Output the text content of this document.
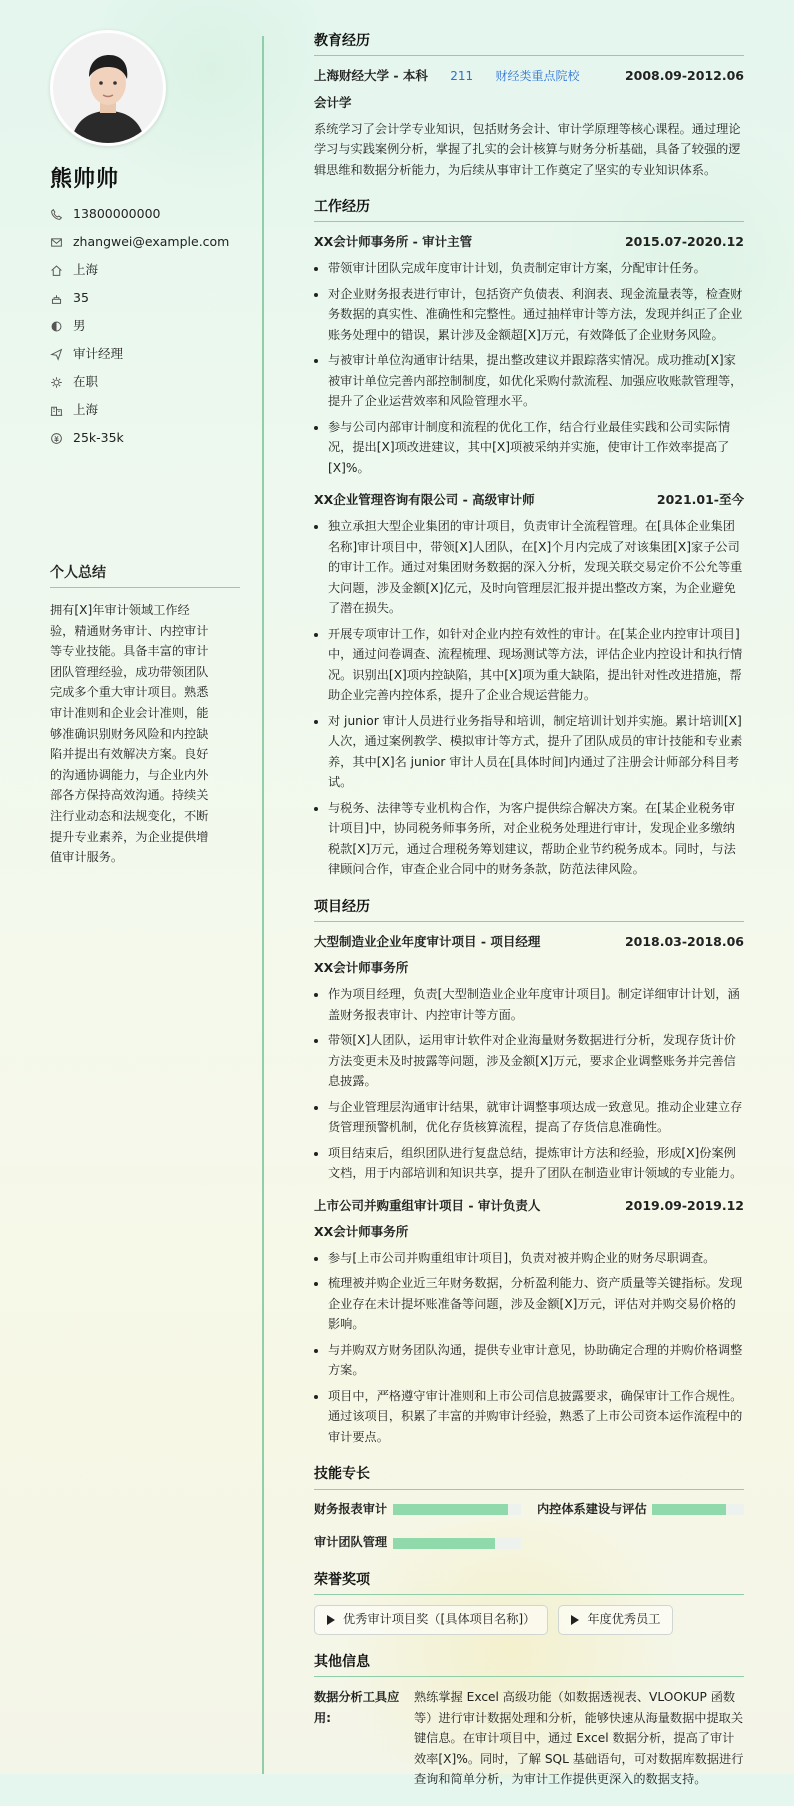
熊帅帅
13800000000
zhangwei@example.com
上海
35
男
审计经理
在职
上海
25k-35k
个人总结
拥有[X]年审计领域工作经验，精通财务审计、内控审计等专业技能。具备丰富的审计团队管理经验，成功带领团队完成多个重大审计项目。熟悉审计准则和企业会计准则，能够准确识别财务风险和内控缺陷并提出有效解决方案。良好的沟通协调能力，与企业内外部各方保持高效沟通。持续关注行业动态和法规变化，不断提升专业素养，为企业提供增值审计服务。
教育经历
上海财经大学 - 本科 211 财经类重点院校	2008.09-2012.06
会计学

系统学习了会计学专业知识，包括财务会计、审计学原理等核心课程。通过理论学习与实践案例分析，掌握了扎实的会计核算与财务分析基础，具备了较强的逻辑思维和数据分析能力，为后续从事审计工作奠定了坚实的专业知识体系。

工作经历
XX会计师事务所 - 审计主管	2015.07-2020.12
• 带领审计团队完成年度审计计划，负责制定审计方案，分配审计任务。
• 对企业财务报表进行审计，包括资产负债表、利润表、现金流量表等，检查财务数据的真实性、准确性和完整性。通过抽样审计等方法，发现并纠正了企业账务处理中的错误，累计涉及金额超[X]万元，有效降低了企业财务风险。
• 与被审计单位沟通审计结果，提出整改建议并跟踪落实情况。成功推动[X]家被审计单位完善内部控制制度，如优化采购付款流程、加强应收账款管理等，提升了企业运营效率和风险管理水平。
• 参与公司内部审计制度和流程的优化工作，结合行业最佳实践和公司实际情况，提出[X]项改进建议，其中[X]项被采纳并实施，使审计工作效率提高了[X]%。
XX企业管理咨询有限公司 - 高级审计师	2021.01-至今
• 独立承担大型企业集团的审计项目，负责审计全流程管理。在[具体企业集团名称]审计项目中，带领[X]人团队，在[X]个月内完成了对该集团[X]家子公司的审计工作。通过对集团财务数据的深入分析，发现关联交易定价不公允等重大问题，涉及金额[X]亿元，及时向管理层汇报并提出整改方案，为企业避免了潜在损失。
• 开展专项审计工作，如针对企业内控有效性的审计。在[某企业内控审计项目]中，通过问卷调查、流程梳理、现场测试等方法，评估企业内控设计和执行情况。识别出[X]项内控缺陷，其中[X]项为重大缺陷，提出针对性改进措施，帮助企业完善内控体系，提升了企业合规运营能力。
• 对 junior 审计人员进行业务指导和培训，制定培训计划并实施。累计培训[X]人次，通过案例教学、模拟审计等方式，提升了团队成员的审计技能和专业素养，其中[X]名 junior 审计人员在[具体时间]内通过了注册会计师部分科目考试。
• 与税务、法律等专业机构合作，为客户提供综合解决方案。在[某企业税务审计项目]中，协同税务师事务所，对企业税务处理进行审计，发现企业多缴纳税款[X]万元，通过合理税务筹划建议，帮助企业节约税务成本。同时，与法律顾问合作，审查企业合同中的财务条款，防范法律风险。
项目经历
大型制造业企业年度审计项目 - 项目经理	2018.03-2018.06
XX会计师事务所
• 作为项目经理，负责[大型制造业企业年度审计项目]。制定详细审计计划，涵盖财务报表审计、内控审计等方面。
• 带领[X]人团队，运用审计软件对企业海量财务数据进行分析，发现存货计价方法变更未及时披露等问题，涉及金额[X]万元，要求企业调整账务并完善信息披露。
• 与企业管理层沟通审计结果，就审计调整事项达成一致意见。推动企业建立存货管理预警机制，优化存货核算流程，提高了存货信息准确性。
• 项目结束后，组织团队进行复盘总结，提炼审计方法和经验，形成[X]份案例文档，用于内部培训和知识共享，提升了团队在制造业审计领域的专业能力。
上市公司并购重组审计项目 - 审计负责人	2019.09-2019.12
XX会计师事务所
• 参与[上市公司并购重组审计项目]，负责对被并购企业的财务尽职调查。
• 梳理被并购企业近三年财务数据，分析盈利能力、资产质量等关键指标。发现企业存在未计提坏账准备等问题，涉及金额[X]万元，评估对并购交易价格的影响。
• 与并购双方财务团队沟通，提供专业审计意见，协助确定合理的并购价格调整方案。
• 项目中，严格遵守审计准则和上市公司信息披露要求，确保审计工作合规性。通过该项目，积累了丰富的并购审计经验，熟悉了上市公司资本运作流程中的审计要点。
技能专长
财务报表审计	内控体系建设与评估
审计团队管理
荣誉奖项
优秀审计项目奖（[具体项目名称]）	年度优秀员工
其他信息
数据分析工具应用:
熟练掌握 Excel 高级功能（如数据透视表、VLOOKUP 函数等）进行审计数据处理和分析，能够快速从海量数据中提取关键信息。在审计项目中，通过 Excel 数据分析，提高了审计效率[X]%。同时，了解 SQL 基础语句，可对数据库数据进行查询和简单分析，为审计工作提供更深入的数据支持。
